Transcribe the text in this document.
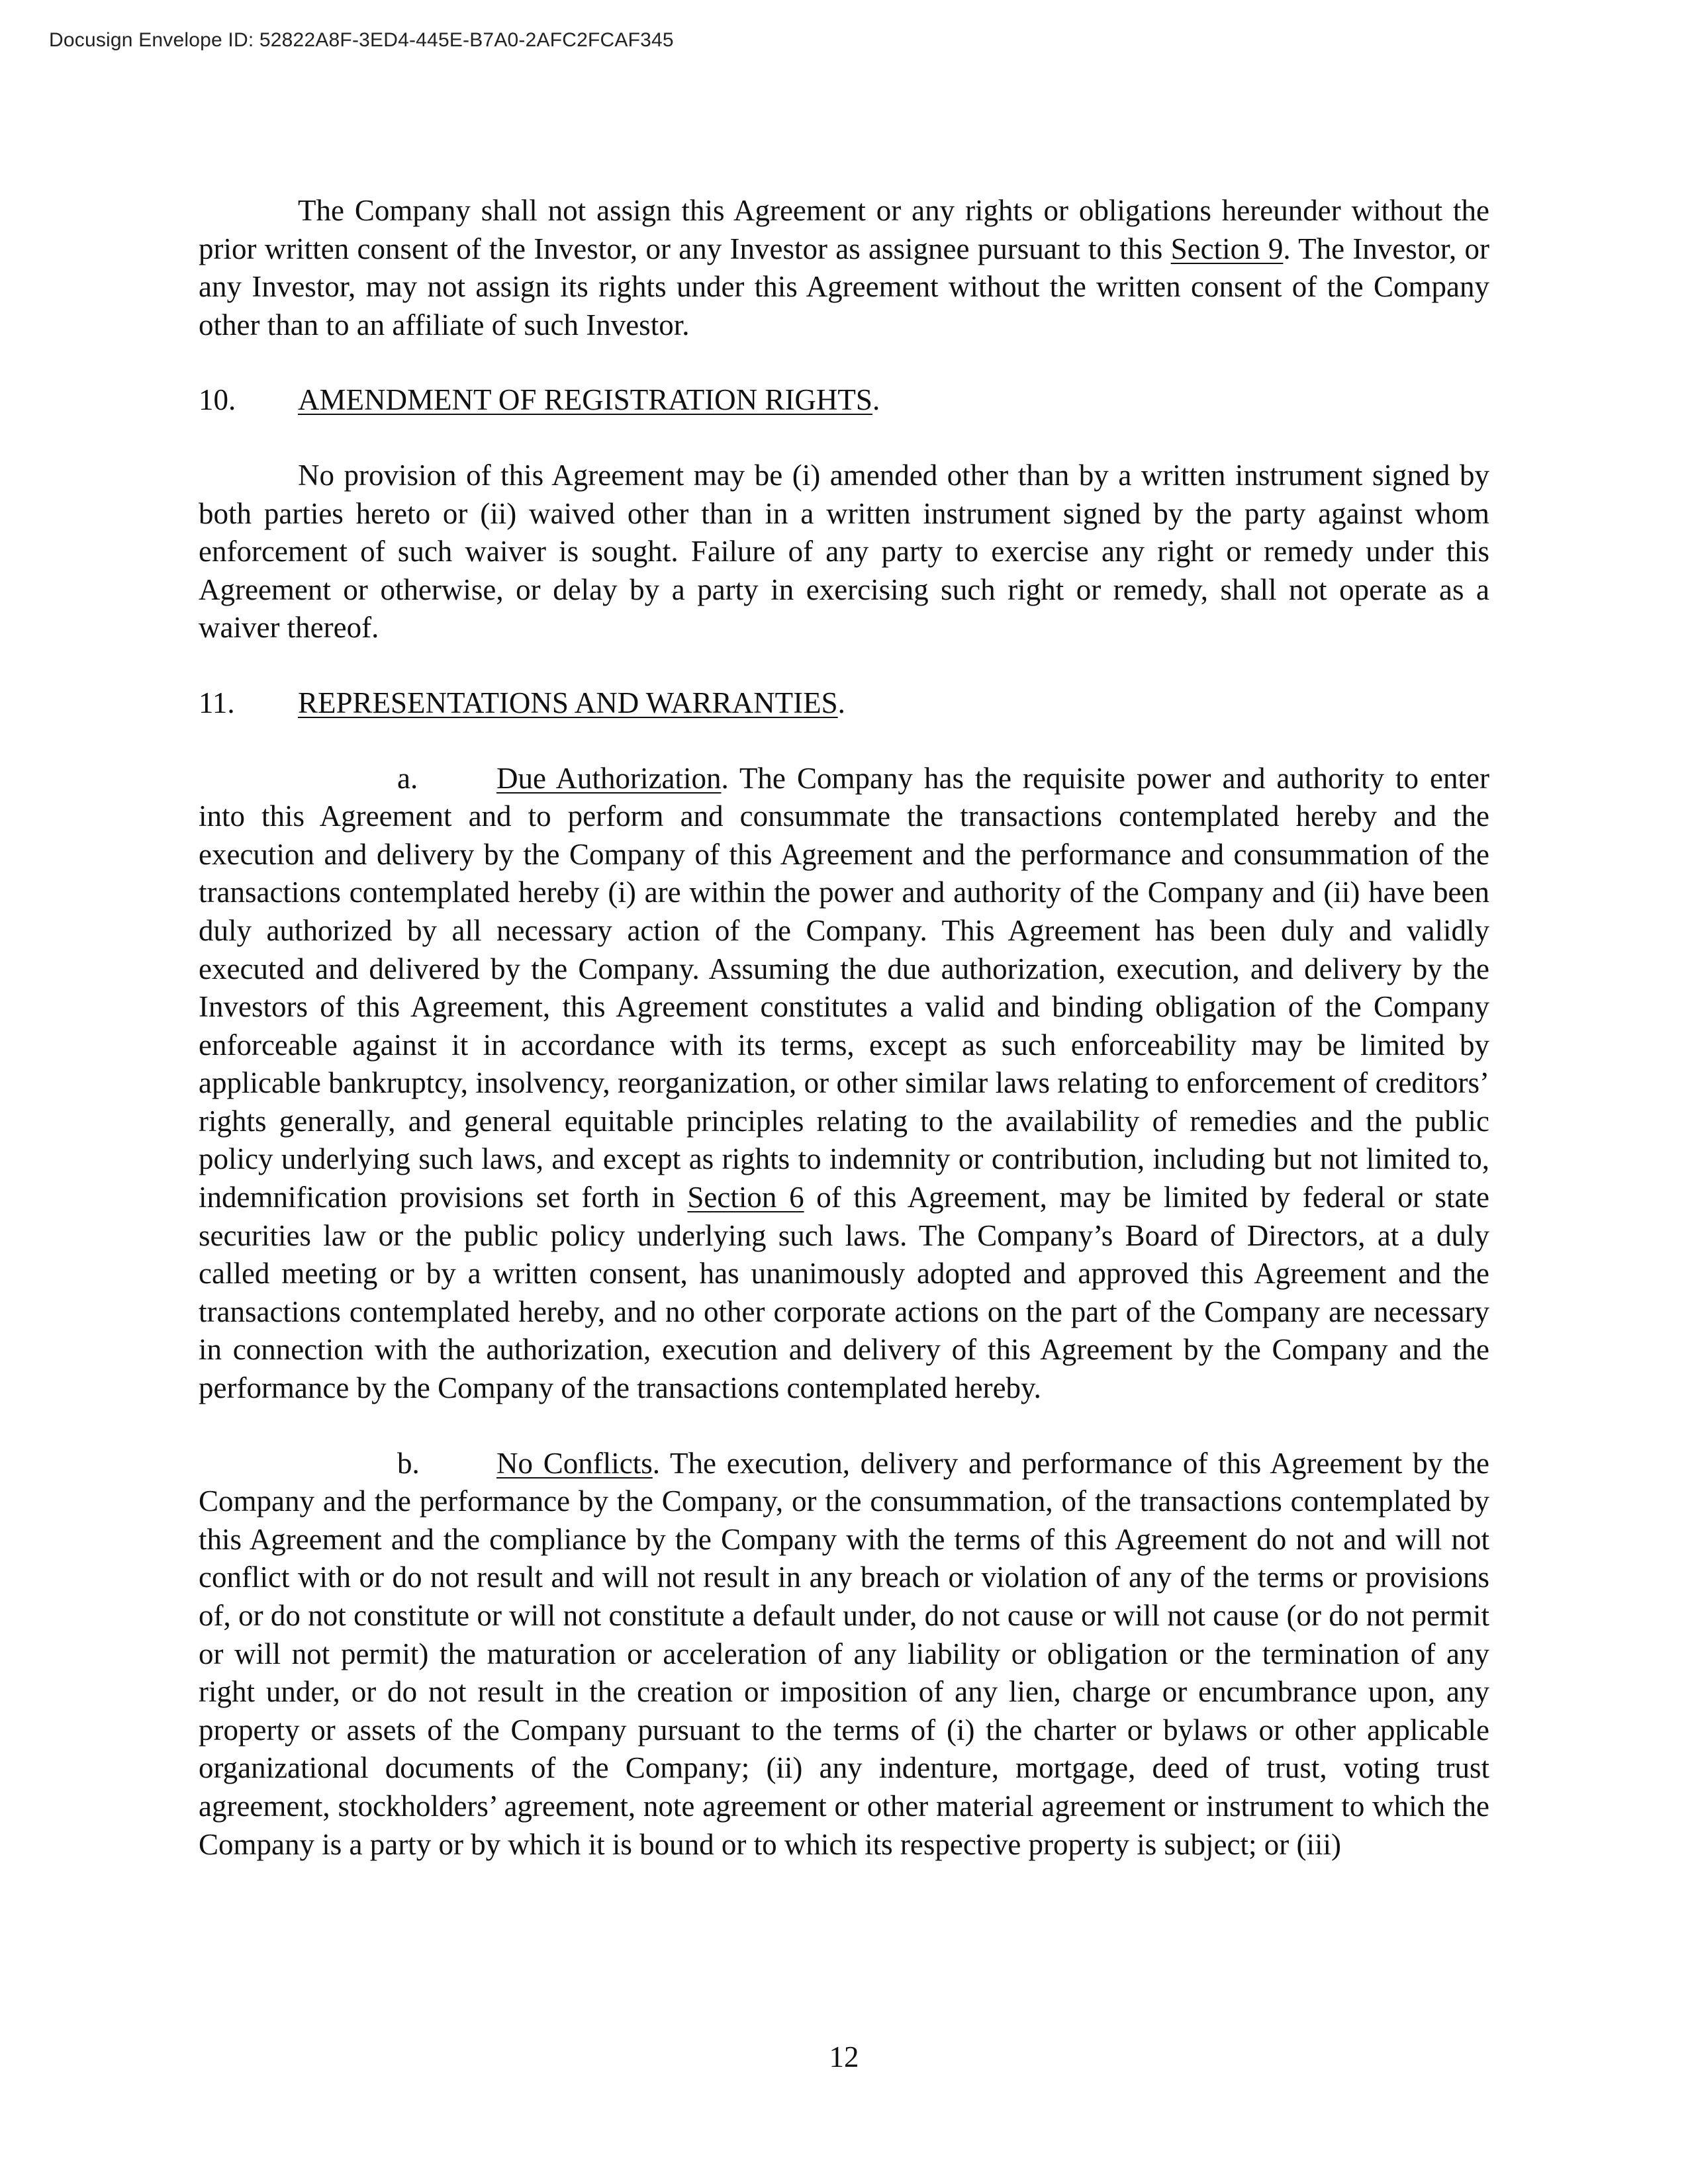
Docusign Envelope ID: 52822A8F-3ED4-445E-B7A0-2AFC2FCAF345

The Company shall not assign this Agreement or any rights or obligations hereunder without the prior written consent of the Investor, or any Investor as assignee pursuant to this Section 9. The Investor, or any Investor, may not assign its rights under this Agreement without the written consent of the Company other than to an affiliate of such Investor.

10.	AMENDMENT OF REGISTRATION RIGHTS.

No provision of this Agreement may be (i) amended other than by a written instrument signed by both parties hereto or (ii) waived other than in a written instrument signed by the party against whom enforcement of such waiver is sought. Failure of any party to exercise any right or remedy under this Agreement or otherwise, or delay by a party in exercising such right or remedy, shall not operate as a waiver thereof.

11.	REPRESENTATIONS AND WARRANTIES.

a.	Due Authorization. The Company has the requisite power and authority to enter into this Agreement and to perform and consummate the transactions contemplated hereby and the execution and delivery by the Company of this Agreement and the performance and consummation of the transactions contemplated hereby (i) are within the power and authority of the Company and (ii) have been duly authorized by all necessary action of the Company. This Agreement has been duly and validly executed and delivered by the Company. Assuming the due authorization, execution, and delivery by the Investors of this Agreement, this Agreement constitutes a valid and binding obligation of the Company enforceable against it in accordance with its terms, except as such enforceability may be limited by applicable bankruptcy, insolvency, reorganization, or other similar laws relating to enforcement of creditors’ rights generally, and general equitable principles relating to the availability of remedies and the public policy underlying such laws, and except as rights to indemnity or contribution, including but not limited to, indemnification provisions set forth in Section 6 of this Agreement, may be limited by federal or state securities law or the public policy underlying such laws. The Company’s Board of Directors, at a duly called meeting or by a written consent, has unanimously adopted and approved this Agreement and the transactions contemplated hereby, and no other corporate actions on the part of the Company are necessary in connection with the authorization, execution and delivery of this Agreement by the Company and the performance by the Company of the transactions contemplated hereby.

b.	No Conflicts. The execution, delivery and performance of this Agreement by the Company and the performance by the Company, or the consummation, of the transactions contemplated by this Agreement and the compliance by the Company with the terms of this Agreement do not and will not conflict with or do not result and will not result in any breach or violation of any of the terms or provisions of, or do not constitute or will not constitute a default under, do not cause or will not cause (or do not permit or will not permit) the maturation or acceleration of any liability or obligation or the termination of any right under, or do not result in the creation or imposition of any lien, charge or encumbrance upon, any property or assets of the Company pursuant to the terms of (i) the charter or bylaws or other applicable organizational documents of the Company; (ii) any indenture, mortgage, deed of trust, voting trust agreement, stockholders’ agreement, note agreement or other material agreement or instrument to which the Company is a party or by which it is bound or to which its respective property is subject; or (iii)

12
